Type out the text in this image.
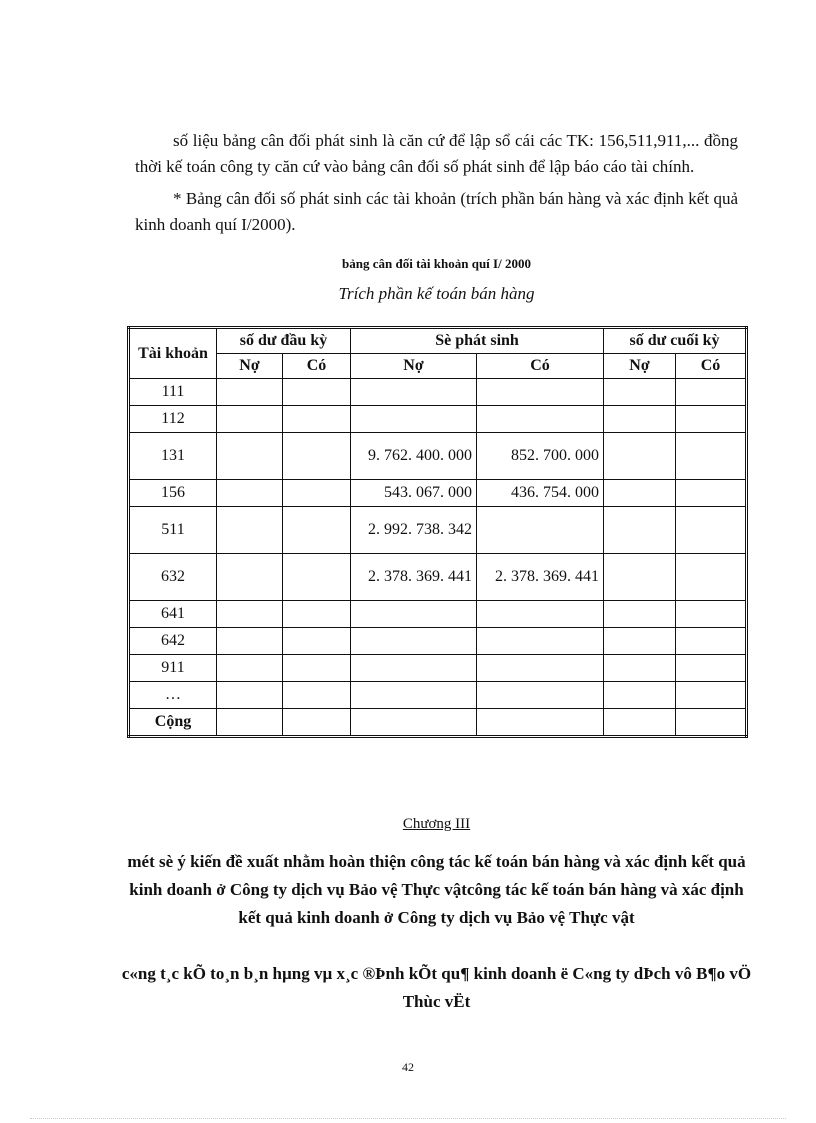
số liệu bảng cân đối phát sinh là căn cứ để lập sổ cái các TK: 156,511,911,... đồng thời kế toán công ty căn cứ vào bảng cân đối số phát sinh để lập báo cáo tài chính.
* Bảng cân đối số phát sinh các tài khoản (trích phần bán hàng và xác định kết quả kinh doanh quí I/2000).
bảng cân đối tài khoản quí I/ 2000
Trích phần kế toán bán hàng
Tài khoản	số dư đầu kỳ		Sè phát sinh		số dư cuối kỳ	
	Nợ	Có	Nợ	Có	Nợ	Có
111						
112						
131			9. 762. 400. 000	852. 700. 000		
156			543. 067. 000	436. 754. 000		
511			2. 992. 738. 342			
632			2. 378. 369. 441	2. 378. 369. 441		
641						
642						
911						
…						
Cộng						
Chương III
mét sè ý kiến đề xuất nhằm hoàn thiện công tác kế toán bán hàng và xác định kết quả kinh doanh ở Công ty dịch vụ Bảo vệ Thực vậtcông tác kế toán bán hàng và xác định kết quả kinh doanh ở Công ty dịch vụ Bảo vệ Thực vật
c«ng t¸c kÕ to¸n b¸n hµng vµ x¸c ®Þnh kÕt qu¶ kinh doanh ë C«ng ty dÞch vô B¶o vÖ Thùc vËt
42
